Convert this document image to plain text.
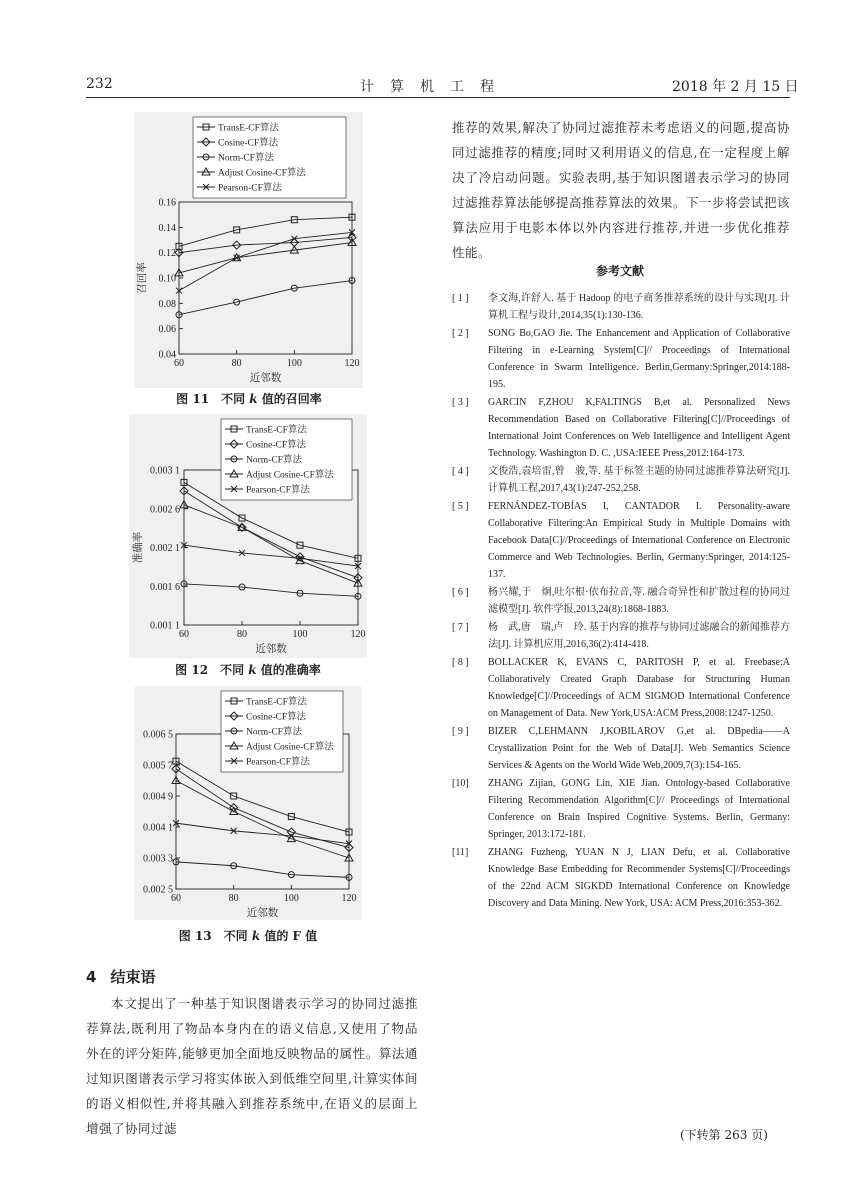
232	计　算　机　工　程	2018 年 2 月 15 日
0.04
0.06
0.08
0.10
0.12
0.14
0.16
60	80	100	120
近邻数
召回率
TransE-CF算法
Cosine-CF算法
Norm-CF算法
Adjust Cosine-CF算法
Pearson-CF算法
图 11　 不同 k 值的召回率
0.001 1
0.001 6
0.002 1
0.002 6
0.003 1
60	80	100	120
近邻数
准确率
TransE-CF算法
Cosine-CF算法
Norm-CF算法
Adjust Cosine-CF算法
Pearson-CF算法
图 12　 不同 k 值的准确率
0.002 5
0.003 3
0.004 1
0.004 9
0.005 7
0.006 5
60	80	100	120
近邻数
TransE-CF算法
Cosine-CF算法
Norm-CF算法
Adjust Cosine-CF算法
Pearson-CF算法
图 13　 不同 k 值的 F 值
4 结束语

本文提出了一种基于知识图谱表示学习的协同过滤推荐算法,既利用了物品本身内在的语义信息,又使用了物品外在的评分矩阵,能够更加全面地反映物品的属性。算法通过知识图谱表示学习将实体嵌入到低维空间里,计算实体间的语义相似性,并将其融入到推荐系统中,在语义的层面上增强了协同过滤

推荐的效果,解决了协同过滤推荐未考虑语义的问题,提高协同过滤推荐的精度;同时又利用语义的信息,在一定程度上解决了冷启动问题。实验表明,基于知识图谱表示学习的协同过滤推荐算法能够提高推荐算法的效果。下一步将尝试把该算法应用于电影本体以外内容进行推荐,并进一步优化推荐性能。

参考文献
[ 1 ]	李文海,许舒人. 基于 Hadoop 的电子商务推荐系统的设计与实现[J]. 计算机工程与设计,2014,35(1):130-136.
[ 2 ]	SONG Bo,GAO Jie. The Enhancement and Application of Collaborative Filtering in e-Learning System[C]// Proceedings of International Conference in Swarm Intelligence. Berlin,Germany:Springer,2014:188-195.
[ 3 ]	GARCIN F,ZHOU K,FALTINGS B,et al. Personalized News Recommendation Based on Collaborative Filtering[C]//Proceedings of International Joint Conferences on Web Intelligence and Intelligent Agent Technology. Washington D. C. ,USA:IEEE Press,2012:164-173.
[ 4 ]	文俊浩,袁培雷,曾　骏,等. 基于标签主题的协同过滤推荐算法研究[J]. 计算机工程,2017,43(1):247-252,258.
[ 5 ]	FERNÁNDEZ-TOBÍAS I, CANTADOR I. Personality-aware Collaborative Filtering:An Empirical Study in Multiple Domains with Facebook Data[C]//Proceedings of International Conference on Electronic Commerce and Web Technologies. Berlin, Germany:Springer, 2014:125-137.
[ 6 ]	杨兴耀,于　炯,吐尔根·依布拉音,等. 融合奇异性和扩散过程的协同过滤模型[J]. 软件学报,2013,24(8):1868-1883.
[ 7 ]	杨　武,唐　瑞,卢　玲. 基于内容的推荐与协同过滤融合的新闻推荐方法[J]. 计算机应用,2016,36(2):414-418.
[ 8 ]	BOLLACKER K, EVANS C, PARITOSH P, et al. Freebase:A Collaboratively Created Graph Database for Structuring Human Knowledge[C]//Proceedings of ACM SIGMOD International Conference on Management of Data. New York,USA:ACM Press,2008:1247-1250.
[ 9 ]	BIZER C,LEHMANN J,KOBILAROV G,et al. DBpedia——A Crystallization Point for the Web of Data[J]. Web Semantics Science Services & Agents on the World Wide Web,2009,7(3):154-165.
[10]	ZHANG Zijian, GONG Lin, XIE Jian. Ontology-based Collaborative Filtering Recommendation Algorithm[C]// Proceedings of International Conference on Brain Inspired Cognitive Systems. Berlin, Germany: Springer, 2013:172-181.
[11]	ZHANG Fuzheng, YUAN N J, LIAN Defu, et al. Collaborative Knowledge Base Embedding for Recommender Systems[C]//Proceedings of the 22nd ACM SIGKDD International Conference on Knowledge Discovery and Data Mining. New York, USA: ACM Press,2016:353-362.
(下转第 263 页)
